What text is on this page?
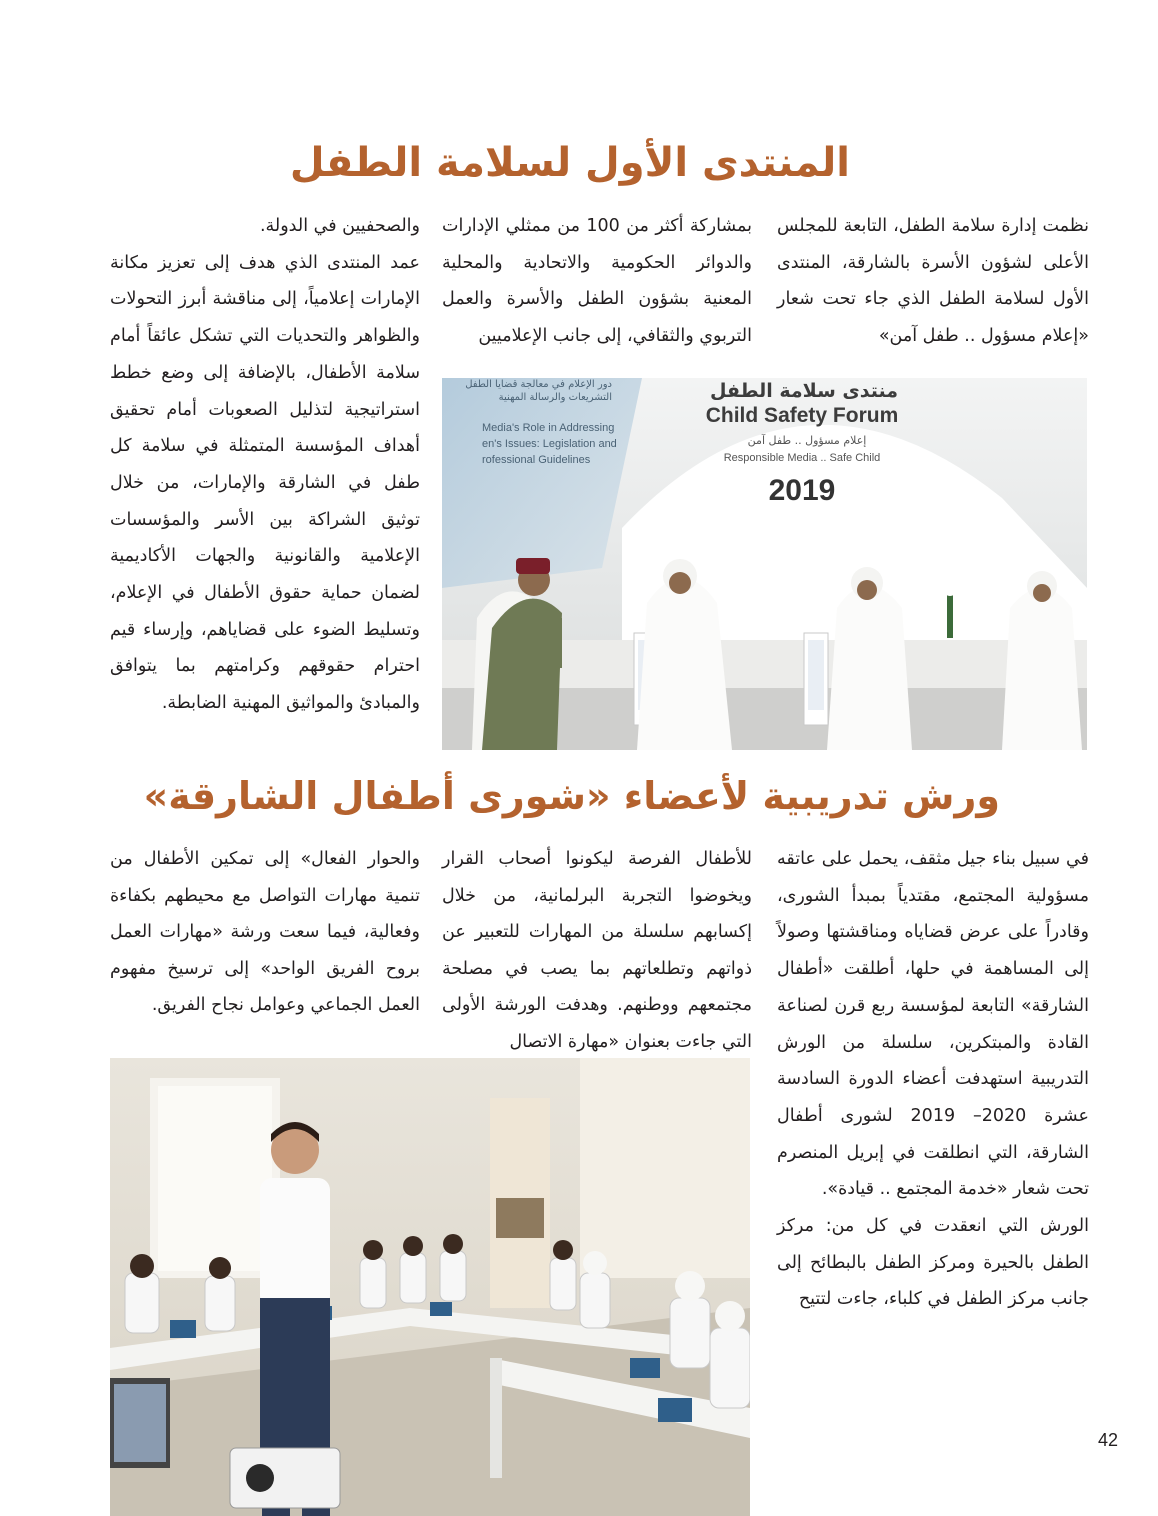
المنتدى الأول لسلامة الطفل

نظمت إدارة سلامة الطفل، التابعة للمجلس الأعلى لشؤون الأسرة بالشارقة، المنتدى الأول لسلامة الطفل الذي جاء تحت شعار «إعلام مسؤول .. طفل آمن»

بمشاركة أكثر من 100 من ممثلي الإدارات والدوائر الحكومية والاتحادية والمحلية المعنية بشؤون الطفل والأسرة والعمل التربوي والثقافي، إلى جانب الإعلاميين

والصحفيين في الدولة.

عمد المنتدى الذي هدف إلى تعزيز مكانة الإمارات إعلامياً، إلى مناقشة أبرز التحولات والظواهر والتحديات التي تشكل عائقاً أمام سلامة الأطفال، بالإضافة إلى وضع خطط استراتيجية لتذليل الصعوبات أمام تحقيق أهداف المؤسسة المتمثلة في سلامة كل طفل في الشارقة والإمارات، من خلال توثيق الشراكة بين الأسر والمؤسسات الإعلامية والقانونية والجهات الأكاديمية لضمان حماية حقوق الأطفال في الإعلام، وتسليط الضوء على قضاياهم، وإرساء قيم احترام حقوقهم وكرامتهم بما يتوافق والمبادئ والمواثيق المهنية الضابطة.

منتدى سلامة الطفل
Child Safety Forum
إعلام مسؤول .. طفل آمن
Responsible Media .. Safe Child
2019
دور الإعلام في معالجة قضايا الطفل التشريعات والرسالة المهنية
Media's Role in Addressing
en's Issues: Legislation and
rofessional Guidelines
ورش تدريبية لأعضاء «شورى أطفال الشارقة»

في سبيل بناء جيل مثقف، يحمل على عاتقه مسؤولية المجتمع، مقتدياً بمبدأ الشورى، وقادراً على عرض قضاياه ومناقشتها وصولاً إلى المساهمة في حلها، أطلقت «أطفال الشارقة» التابعة لمؤسسة ربع قرن لصناعة القادة والمبتكرين، سلسلة من الورش التدريبية استهدفت أعضاء الدورة السادسة عشرة 2020– 2019 لشورى أطفال الشارقة، التي انطلقت في إبريل المنصرم تحت شعار «خدمة المجتمع .. قيادة».

الورش التي انعقدت في كل من: مركز الطفل بالحيرة ومركز الطفل بالبطائح إلى جانب مركز الطفل في كلباء، جاءت لتتيح

للأطفال الفرصة ليكونوا أصحاب القرار ويخوضوا التجربة البرلمانية، من خلال إكسابهم سلسلة من المهارات للتعبير عن ذواتهم وتطلعاتهم بما يصب في مصلحة مجتمعهم ووطنهم. وهدفت الورشة الأولى التي جاءت بعنوان «مهارة الاتصال

والحوار الفعال» إلى تمكين الأطفال من تنمية مهارات التواصل مع محيطهم بكفاءة وفعالية، فيما سعت ورشة «مهارات العمل بروح الفريق الواحد» إلى ترسيخ مفهوم العمل الجماعي وعوامل نجاح الفريق.

42
